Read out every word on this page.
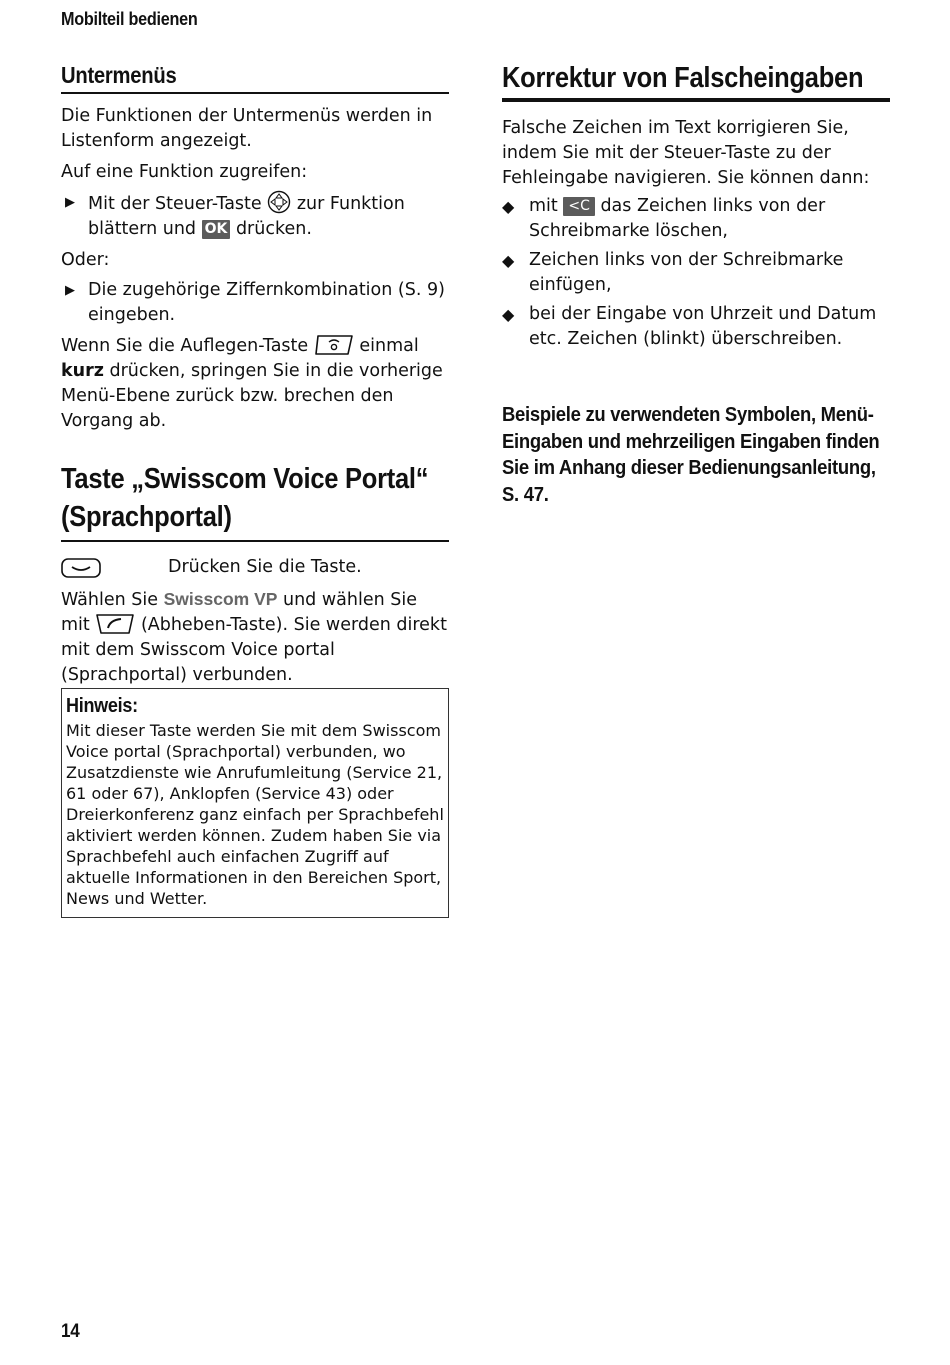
Mobilteil bedienen
Untermenüs

Die Funktionen der Untermenüs werden in Listenform angezeigt.

Auf eine Funktion zugreifen:

▶ Mit der Steuer-Taste zur Funktion blättern und OK drücken.

Oder:

▶ Die zugehörige Ziffernkombination (S. 9) eingeben.

Wenn Sie die Auflegen-Taste	einmal kurz drücken, springen Sie in die vorherige Menü-Ebene zurück bzw. brechen den Vorgang ab.

Taste „Swisscom Voice Portal“
(Sprachportal)
Drücken Sie die Taste.

Wählen Sie Swisscom VP und wählen Sie mit	(Abheben-Taste). Sie werden direkt mit dem Swisscom Voice portal (Sprachportal) verbunden.

Hinweis:

Mit dieser Taste werden Sie mit dem Swisscom Voice portal (Sprachportal) verbunden, wo Zusatzdienste wie Anrufumleitung (Service 21, 61 oder 67), Anklopfen (Service 43) oder Dreierkonferenz ganz einfach per Sprachbefehl aktiviert werden können. Zudem haben Sie via Sprachbefehl auch einfachen Zugriff auf aktuelle Informationen in den Bereichen Sport, News und Wetter.

Korrektur von Falscheingaben

Falsche Zeichen im Text korrigieren Sie, indem Sie mit der Steuer-Taste zu der Fehleingabe navigieren. Sie können dann:

◆ mit <C das Zeichen links von der Schreibmarke löschen,
◆ Zeichen links von der Schreibmarke einfügen,
◆ bei der Eingabe von Uhrzeit und Datum etc. Zeichen (blinkt) überschreiben.
Beispiele zu verwendeten Symbolen, Menü-Eingaben und mehrzeiligen Eingaben finden Sie im Anhang dieser Bedienungsanleitung, S. 47.
14
